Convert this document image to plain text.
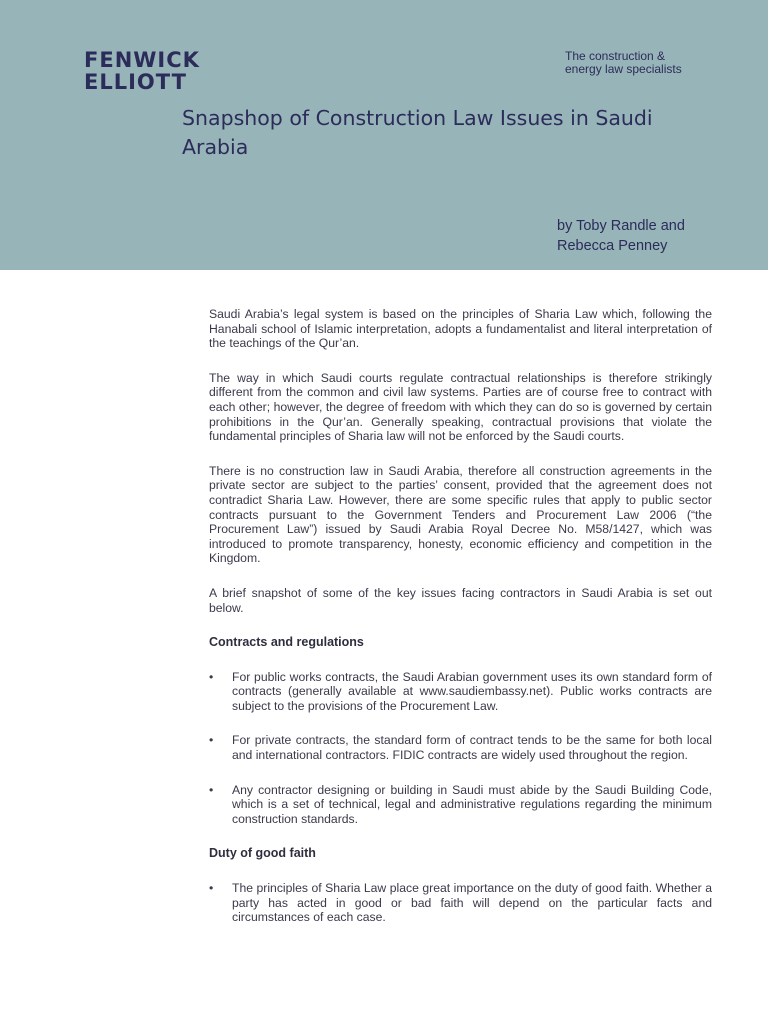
FENWICK
ELLIOTT
The construction &
energy law specialists
Snapshop of Construction Law Issues in Saudi Arabia
by Toby Randle and
Rebecca Penney

Saudi Arabia’s legal system is based on the principles of Sharia Law which, following the Hanabali school of Islamic interpretation, adopts a fundamentalist and literal interpretation of the teachings of the Qur’an.

The way in which Saudi courts regulate contractual relationships is therefore strikingly different from the common and civil law systems. Parties are of course free to contract with each other; however, the degree of freedom with which they can do so is governed by certain prohibitions in the Qur’an. Generally speaking, contractual provisions that violate the fundamental principles of Sharia law will not be enforced by the Saudi courts.

There is no construction law in Saudi Arabia, therefore all construction agreements in the private sector are subject to the parties’ consent, provided that the agreement does not contradict Sharia Law. However, there are some specific rules that apply to public sector contracts pursuant to the Government Tenders and Procurement Law 2006 (“the Procurement Law”) issued by Saudi Arabia Royal Decree No. M58/1427, which was introduced to promote transparency, honesty, economic efficiency and competition in the Kingdom.

A brief snapshot of some of the key issues facing contractors in Saudi Arabia is set out below.

Contracts and regulations
• For public works contracts, the Saudi Arabian government uses its own standard form of contracts (generally available at www.saudiembassy.net). Public works contracts are subject to the provisions of the Procurement Law.
• For private contracts, the standard form of contract tends to be the same for both local and international contractors. FIDIC contracts are widely used throughout the region.
• Any contractor designing or building in Saudi must abide by the Saudi Building Code, which is a set of technical, legal and administrative regulations regarding the minimum construction standards.
Duty of good faith
• The principles of Sharia Law place great importance on the duty of good faith. Whether a party has acted in good or bad faith will depend on the particular facts and circumstances of each case.
